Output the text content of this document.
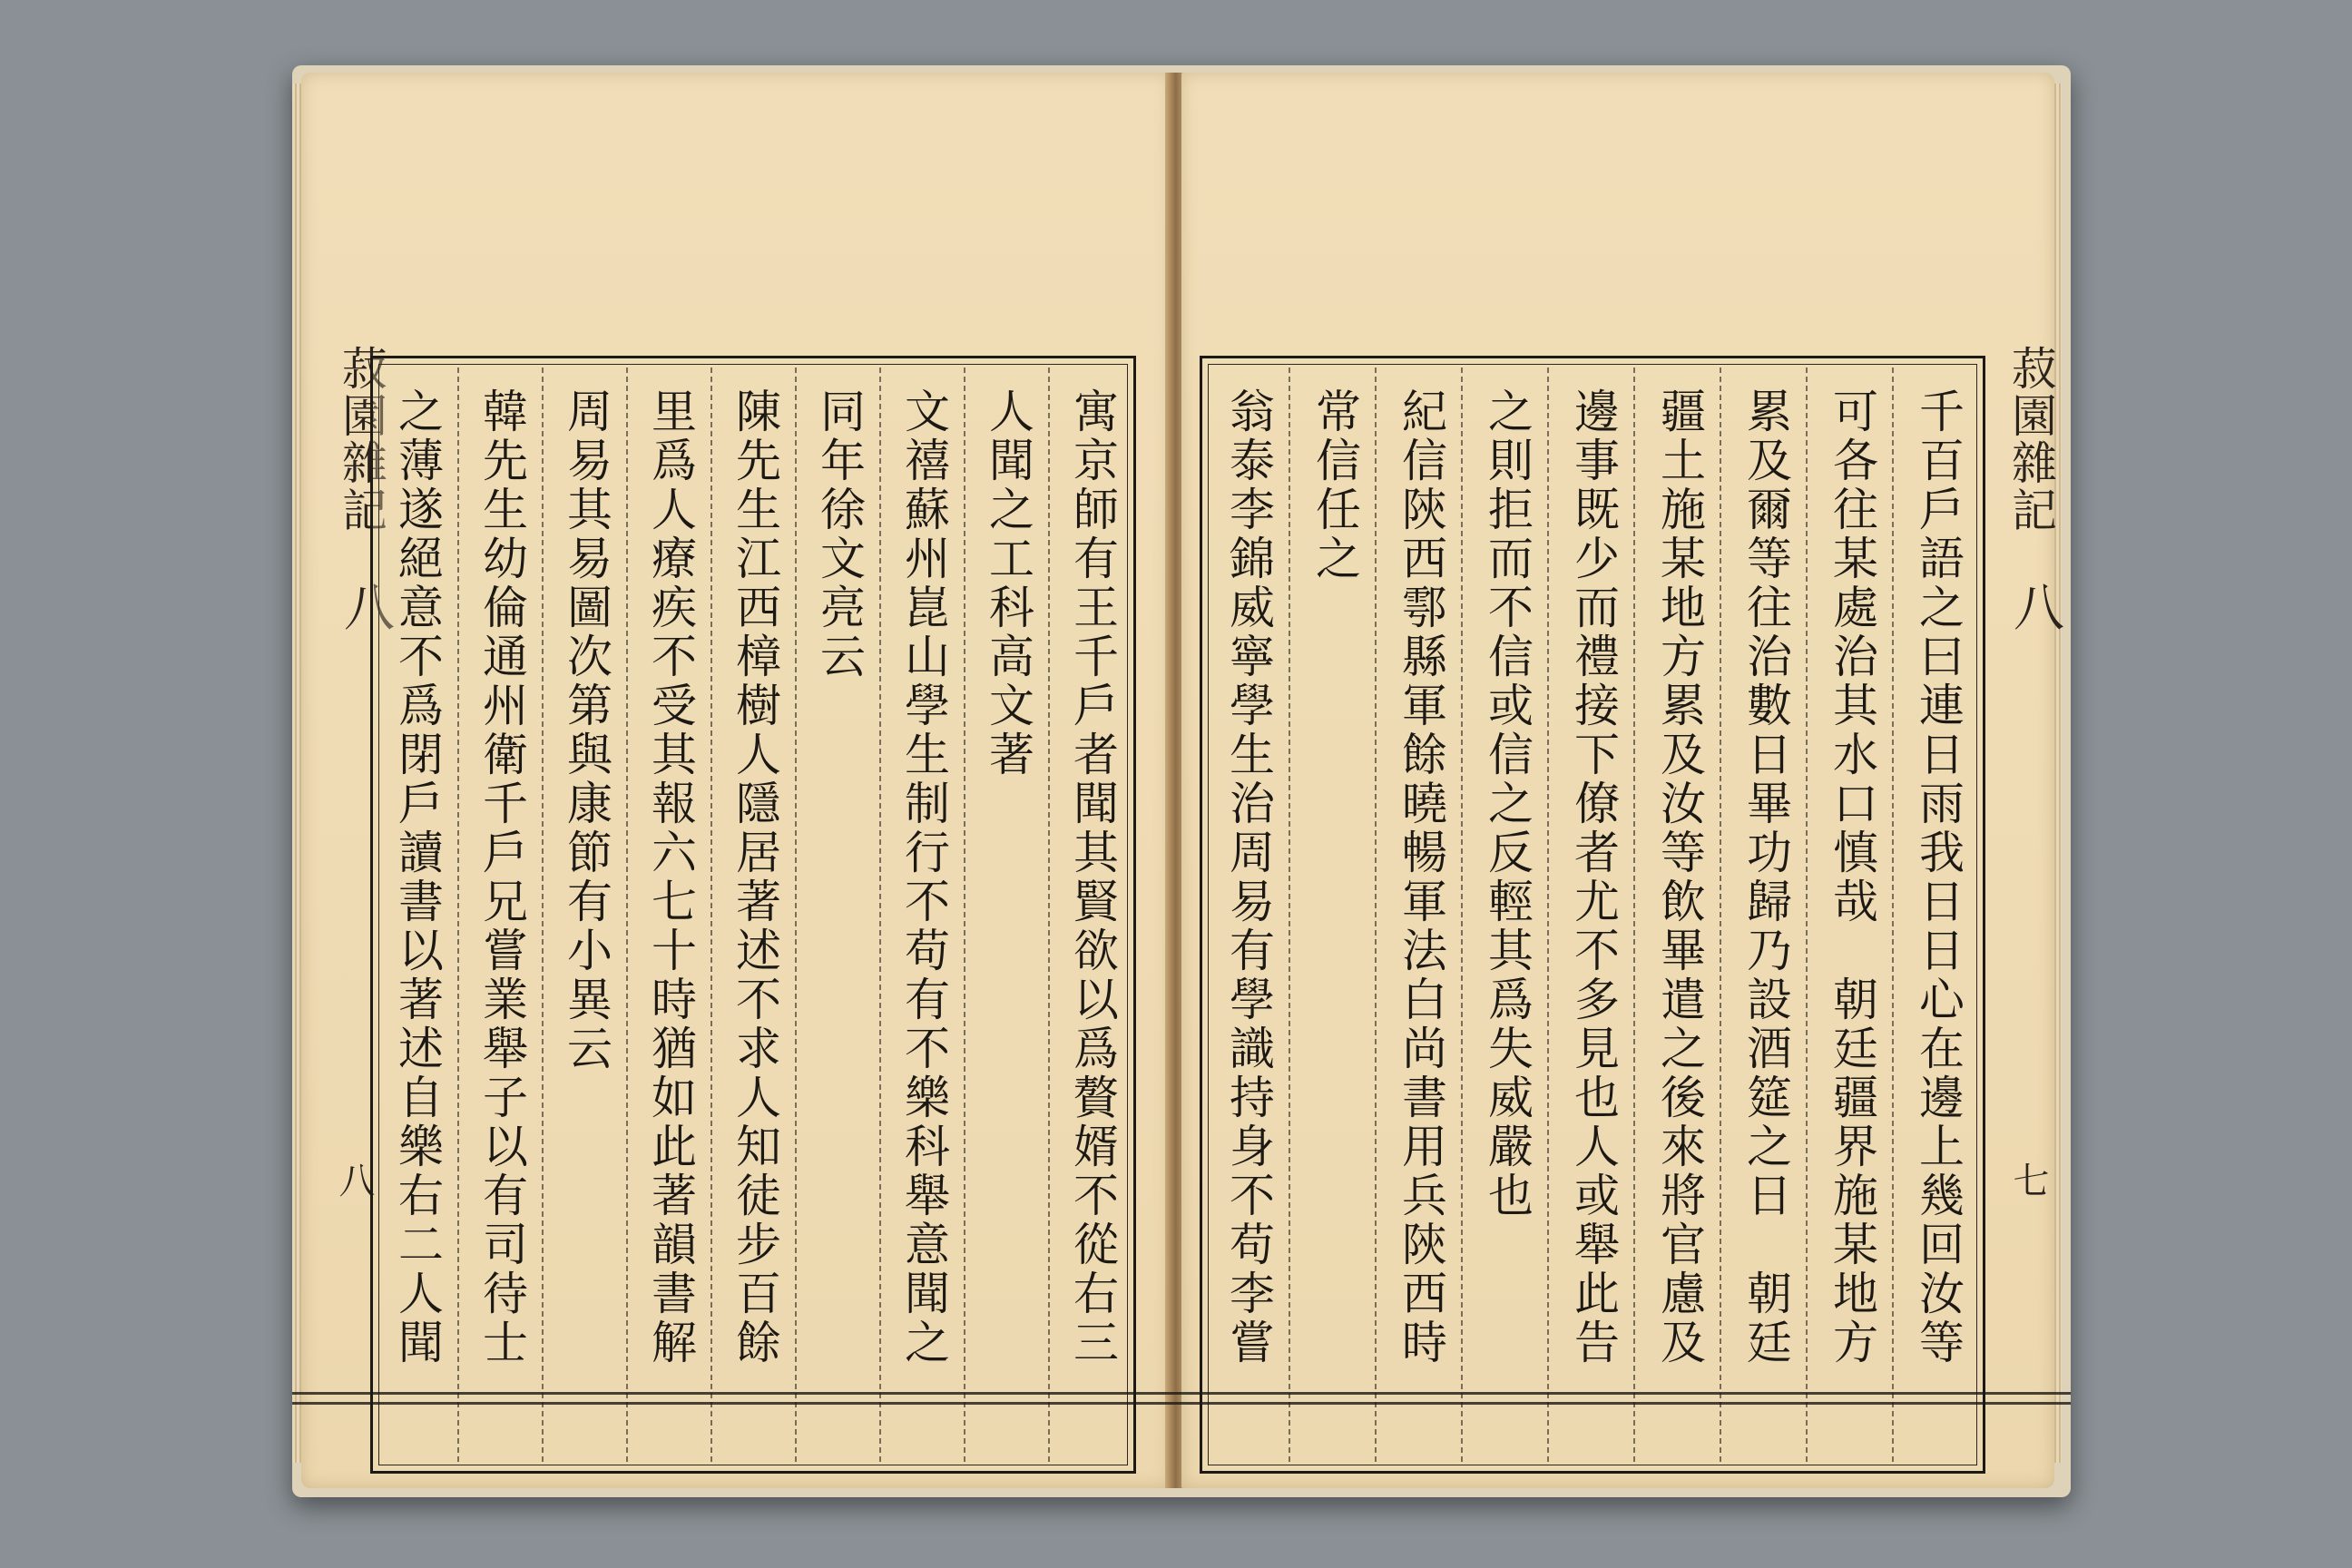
菽園雜記
八
八	寓京師有王千戶者聞其賢欲以爲贅婿不從右三
人聞之工科高文著
文禧蘇州崑山學生制行不苟有不樂科舉意聞之
同年徐文亮云
陳先生江西樟樹人隱居著述不求人知徒步百餘
里爲人療疾不受其報六七十時猶如此著韻書解
周易其易圖次第與康節有小異云
韓先生幼倫通州衛千戶兄嘗業舉子以有司待士
之薄遂絕意不爲閉戶讀書以著述自樂右二人聞	菽園雜記
八
七
千百戶語之曰連日雨我日日心在邊上幾回汝等
可各往某處治其水口慎哉　朝廷疆界施某地方
累及爾等往治數日畢功歸乃設酒筵之日　朝廷
疆土施某地方累及汝等飲畢遣之後來將官慮及
邊事既少而禮接下僚者尤不多見也人或舉此告
之則拒而不信或信之反輕其爲失威嚴也
紀信陝西鄠縣軍餘曉暢軍法白尚書用兵陝西時
常信任之
翁泰李錦威寧學生治周易有學識持身不苟李嘗
